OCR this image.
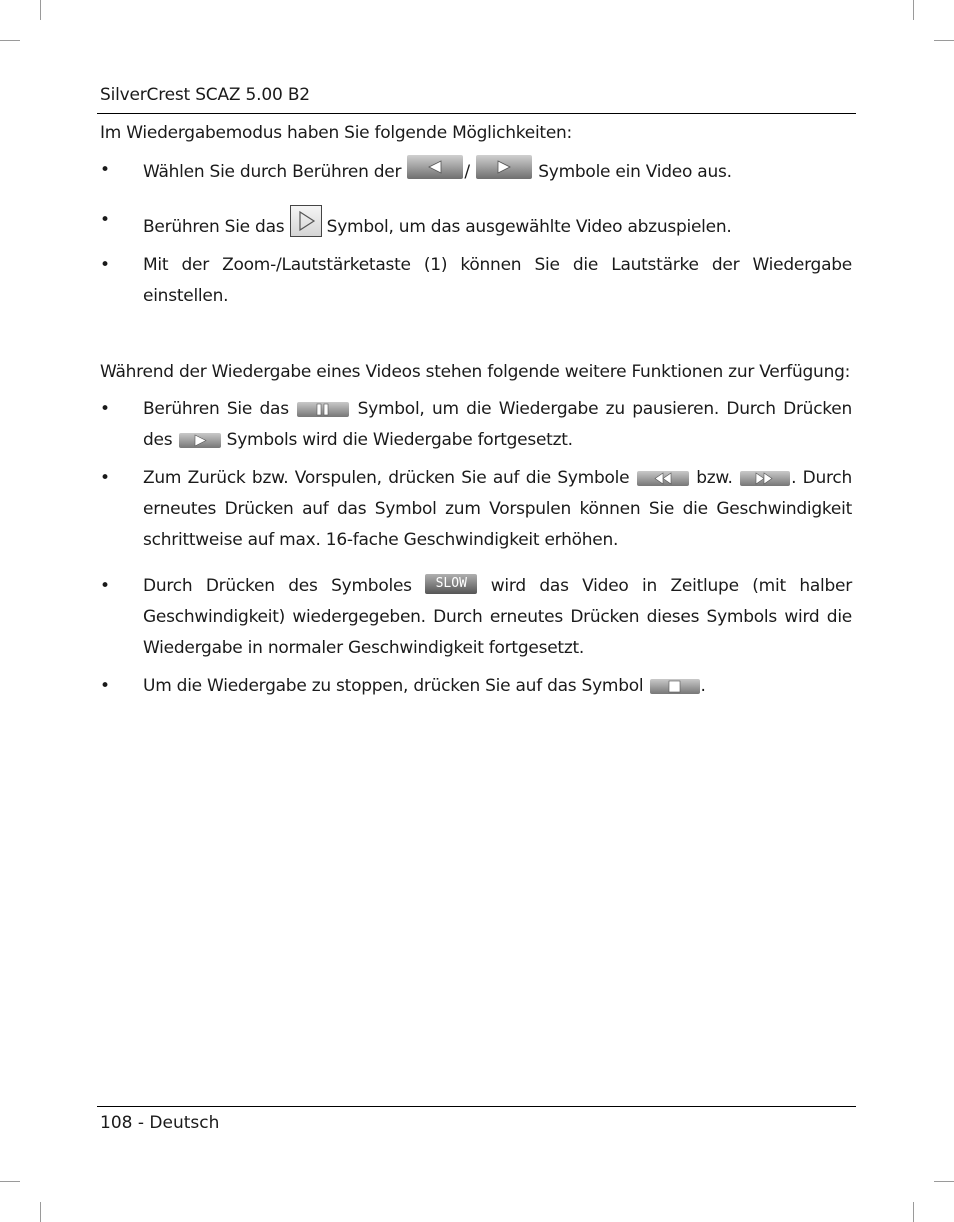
SilverCrest SCAZ 5.00 B2

Im Wiedergabemodus haben Sie folgende Möglichkeiten:

• Wählen Sie durch Berühren der	/	Symbole ein Video aus.
• Berühren Sie das Symbol, um das ausgewählte Video abzuspielen.
• Mit der Zoom-/Lautstärketaste (1) können Sie die Lautstärke der Wiedergabe einstellen.

Während der Wiedergabe eines Videos stehen folgende weitere Funktionen zur Verfügung:

• Berühren Sie das	Symbol, um die Wiedergabe zu pausieren. Durch Drücken des	Symbols wird die Wiedergabe fortgesetzt.
• Zum Zurück bzw. Vorspulen, drücken Sie auf die Symbole	bzw.	. Durch erneutes Drücken auf das Symbol zum Vorspulen können Sie die Geschwindigkeit schrittweise auf max. 16-fache Geschwindigkeit erhöhen.
• Durch Drücken des Symboles SLOW wird das Video in Zeitlupe (mit halber Geschwindigkeit) wiedergegeben. Durch erneutes Drücken dieses Symbols wird die Wiedergabe in normaler Geschwindigkeit fortgesetzt.
• Um die Wiedergabe zu stoppen, drücken Sie auf das Symbol	.
108 - Deutsch
